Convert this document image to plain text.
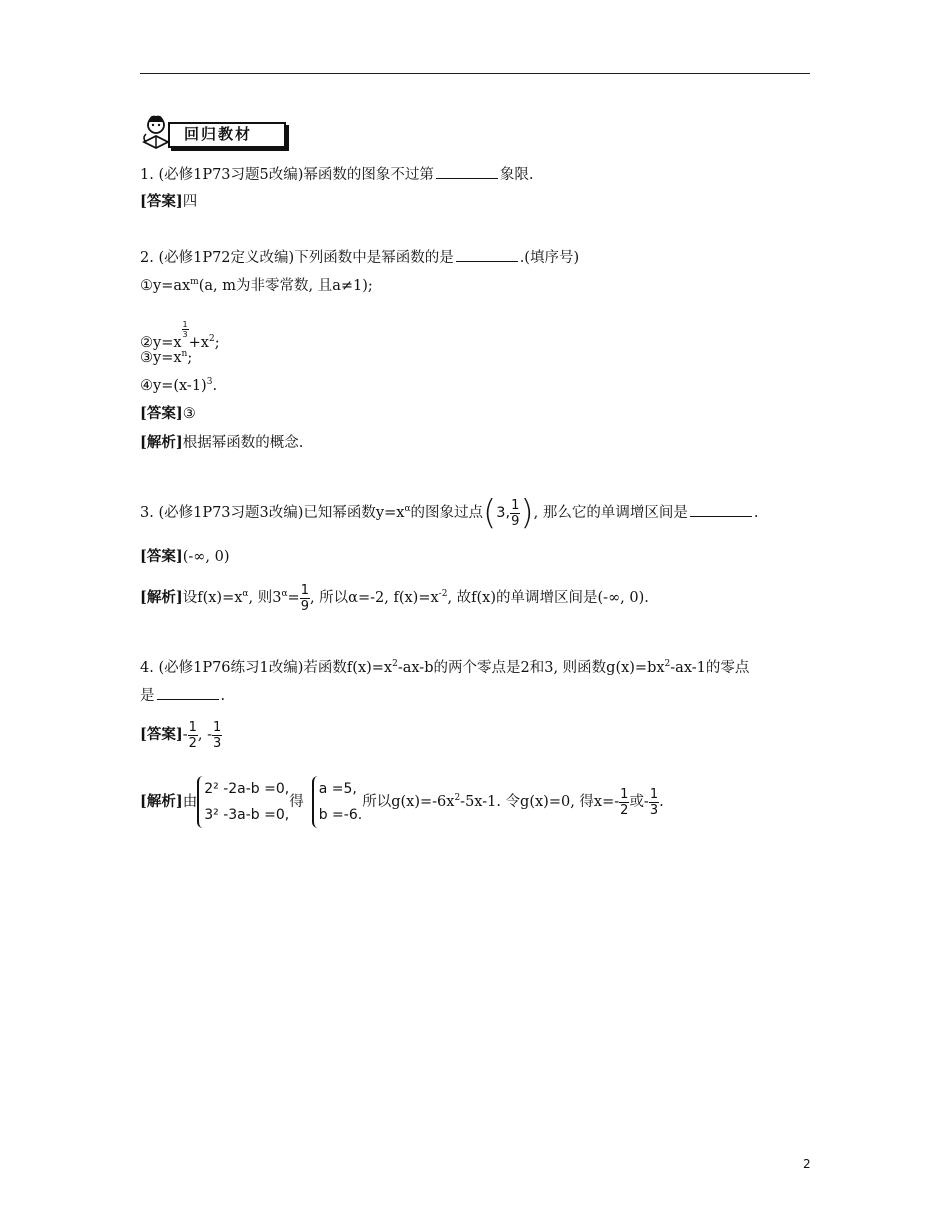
回归教材
1. (必修1P73习题5改编)幂函数的图象不过第	象限.
[答案]四
2. (必修1P72定义改编)下列函数中是幂函数的是	.(填序号)
$①y=ax^m(a$, m为非零常数, 且a≠1);
②y=x
$\frac{1}{3}$
$+x^2$;
$③y=x^n$;
$④y=(x-1)^3$.
[答案]③
[解析]根据幂函数的概念.
3. (必修1P73习题3改编)已知幂函数$y=x^\alpha$的图象过点(3, $\frac{1}{9}$ ), 那么它的单调增区间是	.
[答案](-∞, 0)
[解析]设$f(x)=x^\alpha$, 则$3^\alpha= \frac{1}{9}$ , 所以α=-2, $f(x)=x^{-2}$, 故f(x)的单调增区间是(-∞, 0).
4. (必修1P76练习1改编)若函数$f(x)=x^2-ax-b$的两个零点是2和3, 则函数$g(x)=bx^2-ax-1$的零点
是	.
[答案]- $\frac{1}{2}$ , - $\frac{1}{3}$
[解析]由
2² -2a-b =0,
3² -3a-b =0,
得
a =5,
b =-6.
所以$g(x)=-6x^2-5x-1$. 令g(x)=0, 得$x=- \frac{1}{2}$ 或- $\frac{1}{3}$ .
2
